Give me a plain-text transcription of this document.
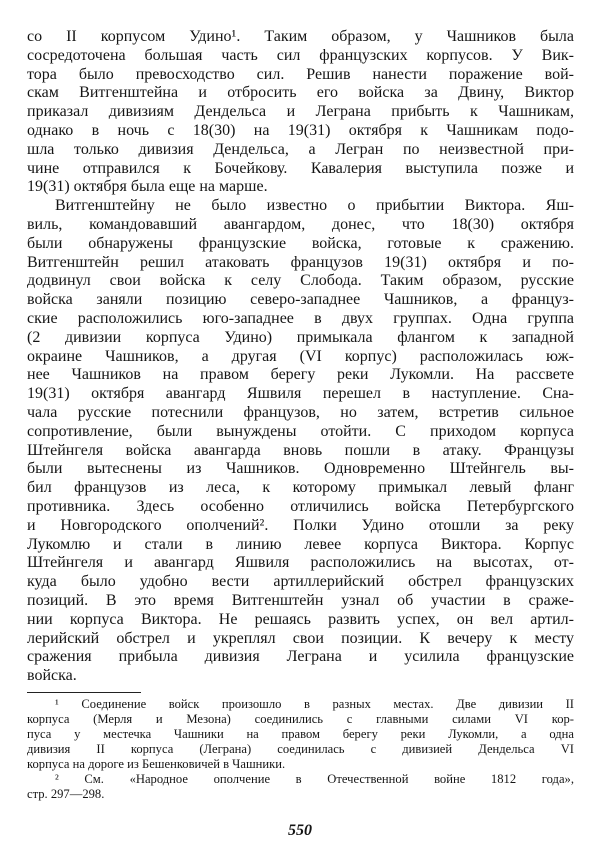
со II корпусом Удино¹. Таким образом, у Чашников была
сосредоточена большая часть сил французских корпусов. У Вик-
тора было превосходство сил. Решив нанести поражение вой-
скам Витгенштейна и отбросить его войска за Двину, Виктор
приказал дивизиям Дендельса и Леграна прибыть к Чашникам,
однако в ночь с 18(30) на 19(31) октября к Чашникам подо-
шла только дивизия Дендельса, а Легран по неизвестной при-
чине отправился к Бочейкову. Кавалерия выступила позже и
19(31) октября была еще на марше.
Витгенштейну не было известно о прибытии Виктора. Яш-
виль, командовавший авангардом, донес, что 18(30) октября
были обнаружены французские войска, готовые к сражению.
Витгенштейн решил атаковать французов 19(31) октября и по-
додвинул свои войска к селу Слобода. Таким образом, русские
войска заняли позицию северо-западнее Чашников, а француз-
ские расположились юго-западнее в двух группах. Одна группа
(2 дивизии корпуса Удино) примыкала флангом к западной
окраине Чашников, а другая (VI корпус) расположилась юж-
нее Чашников на правом берегу реки Лукомли. На рассвете
19(31) октября авангард Яшвиля перешел в наступление. Сна-
чала русские потеснили французов, но затем, встретив сильное
сопротивление, были вынуждены отойти. С приходом корпуса
Штейнгеля войска авангарда вновь пошли в атаку. Французы
были вытеснены из Чашников. Одновременно Штейнгель вы-
бил французов из леса, к которому примыкал левый фланг
противника. Здесь особенно отличились войска Петербургского
и Новгородского ополчений². Полки Удино отошли за реку
Лукомлю и стали в линию левее корпуса Виктора. Корпус
Штейнгеля и авангард Яшвиля расположились на высотах, от-
куда было удобно вести артиллерийский обстрел французских
позиций. В это время Витгенштейн узнал об участии в сраже-
нии корпуса Виктора. Не решаясь развить успех, он вел артил-
лерийский обстрел и укреплял свои позиции. К вечеру к месту
сражения прибыла дивизия Леграна и усилила французские
войска.
¹ Соединение войск произошло в разных местах. Две дивизии II
корпуса (Мерля и Мезона) соединились с главными силами VI кор-
пуса у местечка Чашники на правом берегу реки Лукомли, а одна
дивизия II корпуса (Леграна) соединилась с дивизией Дендельса VI
корпуса на дороге из Бешенковичей в Чашники.
² См. «Народное ополчение в Отечественной войне 1812 года»,
стр. 297—298.
550
